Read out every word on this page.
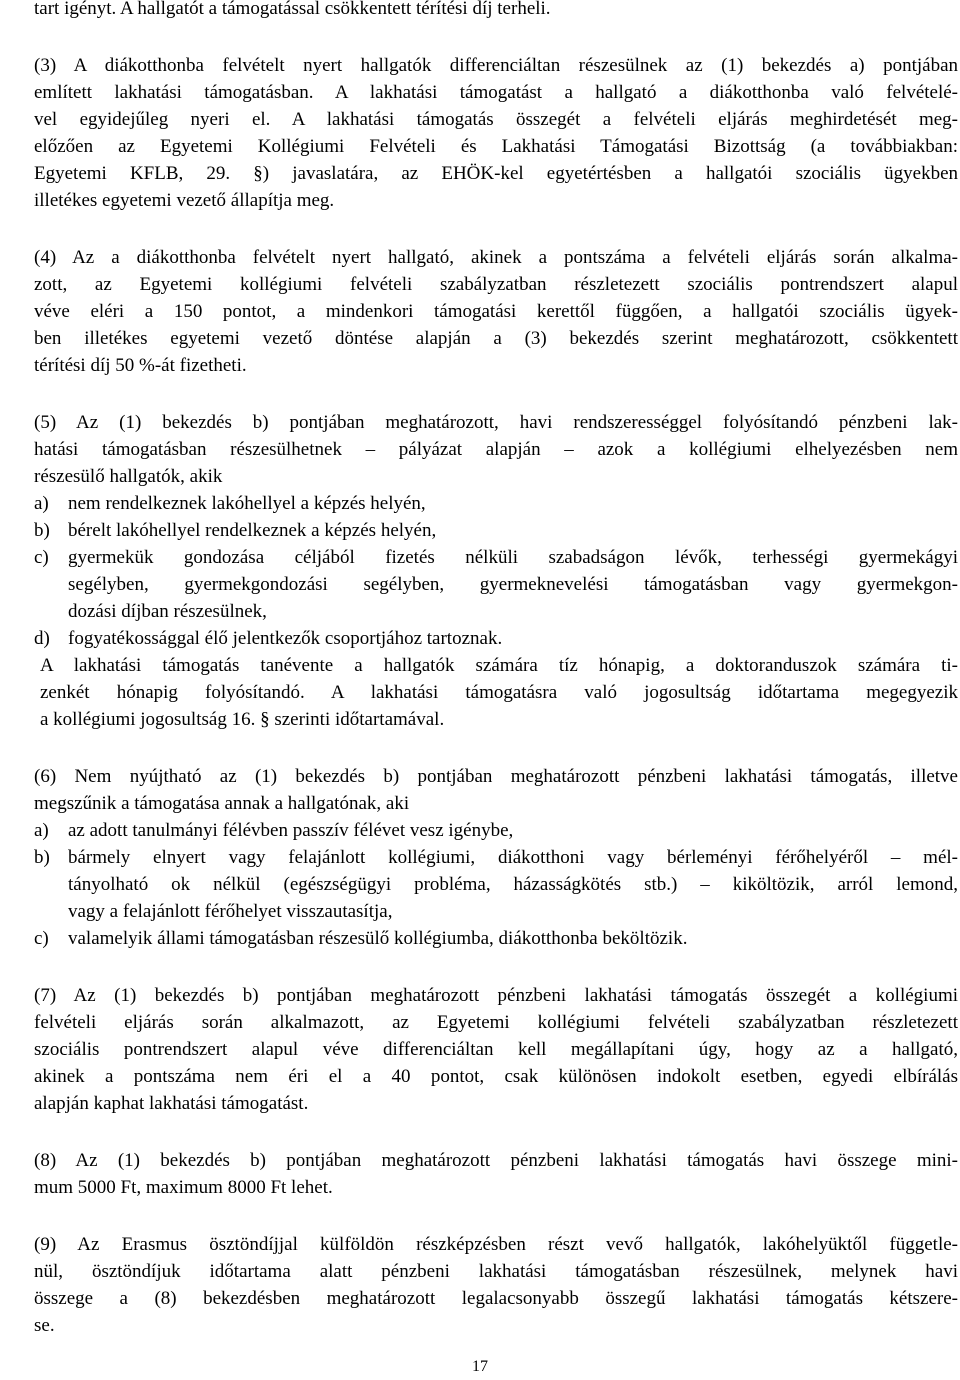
tart igényt. A hallgatót a támogatással csökkentett térítési díj terheli.
(3) A diákotthonba felvételt nyert hallgatók differenciáltan részesülnek az (1) bekezdés a) pontjában
említett lakhatási támogatásban. A lakhatási támogatást a hallgató a diákotthonba való felvételé-
vel egyidejűleg nyeri el. A lakhatási támogatás összegét a felvételi eljárás meghirdetését meg-
előzően az Egyetemi Kollégiumi Felvételi és Lakhatási Támogatási Bizottság (a továbbiakban:
Egyetemi KFLB, 29. §) javaslatára, az EHÖK-kel egyetértésben a hallgatói szociális ügyekben
illetékes egyetemi vezető állapítja meg.
(4) Az a diákotthonba felvételt nyert hallgató, akinek a pontszáma a felvételi eljárás során alkalma-
zott, az Egyetemi kollégiumi felvételi szabályzatban részletezett szociális pontrendszert alapul
véve eléri a 150 pontot, a mindenkori támogatási kerettől függően, a hallgatói szociális ügyek-
ben illetékes egyetemi vezető döntése alapján a (3) bekezdés szerint meghatározott, csökkentett
térítési díj 50 %-át fizetheti.
(5) Az (1) bekezdés b) pontjában meghatározott, havi rendszerességgel folyósítandó pénzbeni lak-
hatási támogatásban részesülhetnek – pályázat alapján – azok a kollégiumi elhelyezésben nem
részesülő hallgatók, akik
a) nem rendelkeznek lakóhellyel a képzés helyén,
b) bérelt lakóhellyel rendelkeznek a képzés helyén,
c) gyermekük gondozása céljából fizetés nélküli szabadságon lévők, terhességi gyermekágyi
segélyben, gyermekgondozási segélyben, gyermeknevelési támogatásban vagy gyermekgon-
dozási díjban részesülnek,
d) fogyatékossággal élő jelentkezők csoportjához tartoznak.
A lakhatási támogatás tanévente a hallgatók számára tíz hónapig, a doktoranduszok számára ti-
zenkét hónapig folyósítandó. A lakhatási támogatásra való jogosultság időtartama megegyezik
a kollégiumi jogosultság 16. § szerinti időtartamával.
(6) Nem nyújtható az (1) bekezdés b) pontjában meghatározott pénzbeni lakhatási támogatás, illetve
megszűnik a támogatása annak a hallgatónak, aki
a) az adott tanulmányi félévben passzív félévet vesz igénybe,
b) bármely elnyert vagy felajánlott kollégiumi, diákotthoni vagy bérleményi férőhelyéről – mél-
tányolható ok nélkül (egészségügyi probléma, házasságkötés stb.) – kiköltözik, arról lemond,
vagy a felajánlott férőhelyet visszautasítja,
c) valamelyik állami támogatásban részesülő kollégiumba, diákotthonba beköltözik.
(7) Az (1) bekezdés b) pontjában meghatározott pénzbeni lakhatási támogatás összegét a kollégiumi
felvételi eljárás során alkalmazott, az Egyetemi kollégiumi felvételi szabályzatban részletezett
szociális pontrendszert alapul véve differenciáltan kell megállapítani úgy, hogy az a hallgató,
akinek a pontszáma nem éri el a 40 pontot, csak különösen indokolt esetben, egyedi elbírálás
alapján kaphat lakhatási támogatást.
(8) Az (1) bekezdés b) pontjában meghatározott pénzbeni lakhatási támogatás havi összege mini-
mum 5000 Ft, maximum 8000 Ft lehet.
(9) Az Erasmus ösztöndíjjal külföldön részképzésben részt vevő hallgatók, lakóhelyüktől függetle-
nül, ösztöndíjuk időtartama alatt pénzbeni lakhatási támogatásban részesülnek, melynek havi
összege a (8) bekezdésben meghatározott legalacsonyabb összegű lakhatási támogatás kétszere-
se.
17
